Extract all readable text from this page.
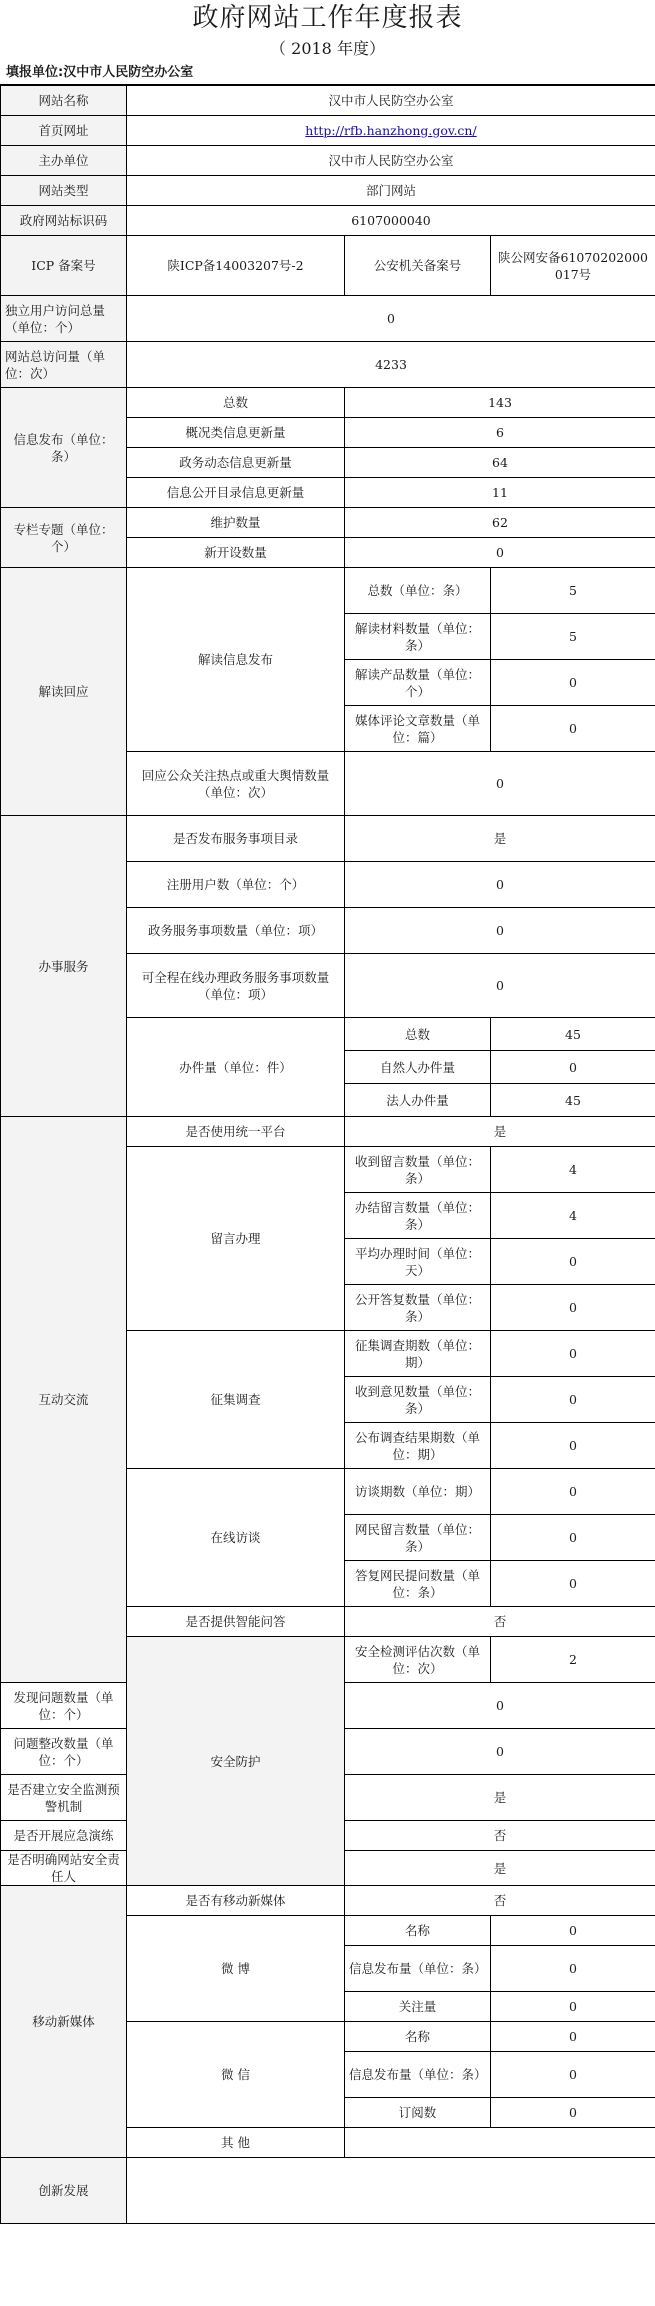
政府网站工作年度报表
（ 2018 年度）
填报单位:汉中市人民防空办公室
网站名称	汉中市人民防空办公室		
首页网址	http://rfb.hanzhong.gov.cn/		
主办单位	汉中市人民防空办公室		
网站类型	部门网站		
政府网站标识码	6107000040		
ICP 备案号	陕ICP备14003207号-2	公安机关备案号	陕公网安备61070202000017号
独立用户访问总量（单位：个）	0		
网站总访问量（单位：次）	4233		
信息发布（单位：条）	总数	143	
	概况类信息更新量	6	
	政务动态信息更新量	64	
	信息公开目录信息更新量	11	
专栏专题（单位：个）	维护数量	62	
	新开设数量	0	
解读回应	解读信息发布	总数（单位：条）	5
		解读材料数量（单位：条）	5
		解读产品数量（单位：个）	0
		媒体评论文章数量（单位：篇）	0
	回应公众关注热点或重大舆情数量（单位：次）	0	
办事服务	是否发布服务事项目录	是	
	注册用户数（单位：个）	0	
	政务服务事项数量（单位：项）	0	
	可全程在线办理政务服务事项数量（单位：项）	0	
	办件量（单位：件）	总数	45
		自然人办件量	0
		法人办件量	45
互动交流	是否使用统一平台	是	
	留言办理	收到留言数量（单位：条）	4
		办结留言数量（单位：条）	4
		平均办理时间（单位：天）	0
		公开答复数量（单位：条）	0
	征集调查	征集调查期数（单位：期）	0
		收到意见数量（单位：条）	0
		公布调查结果期数（单位：期）	0
	在线访谈	访谈期数（单位：期）	0
		网民留言数量（单位：条）	0
		答复网民提问数量（单位：条）	0
	是否提供智能问答	否	
	安全防护	安全检测评估次数（单位：次）	2
发现问题数量（单位：个）		0	
问题整改数量（单位：个）		0	
是否建立安全监测预警机制		是	
是否开展应急演练		否	
是否明确网站安全责任人		是	
移动新媒体	是否有移动新媒体	否	
	微 博	名称	0
		信息发布量（单位：条）	0
		关注量	0
	微 信	名称	0
		信息发布量（单位：条）	0
		订阅数	0
	其 他		
创新发展			
